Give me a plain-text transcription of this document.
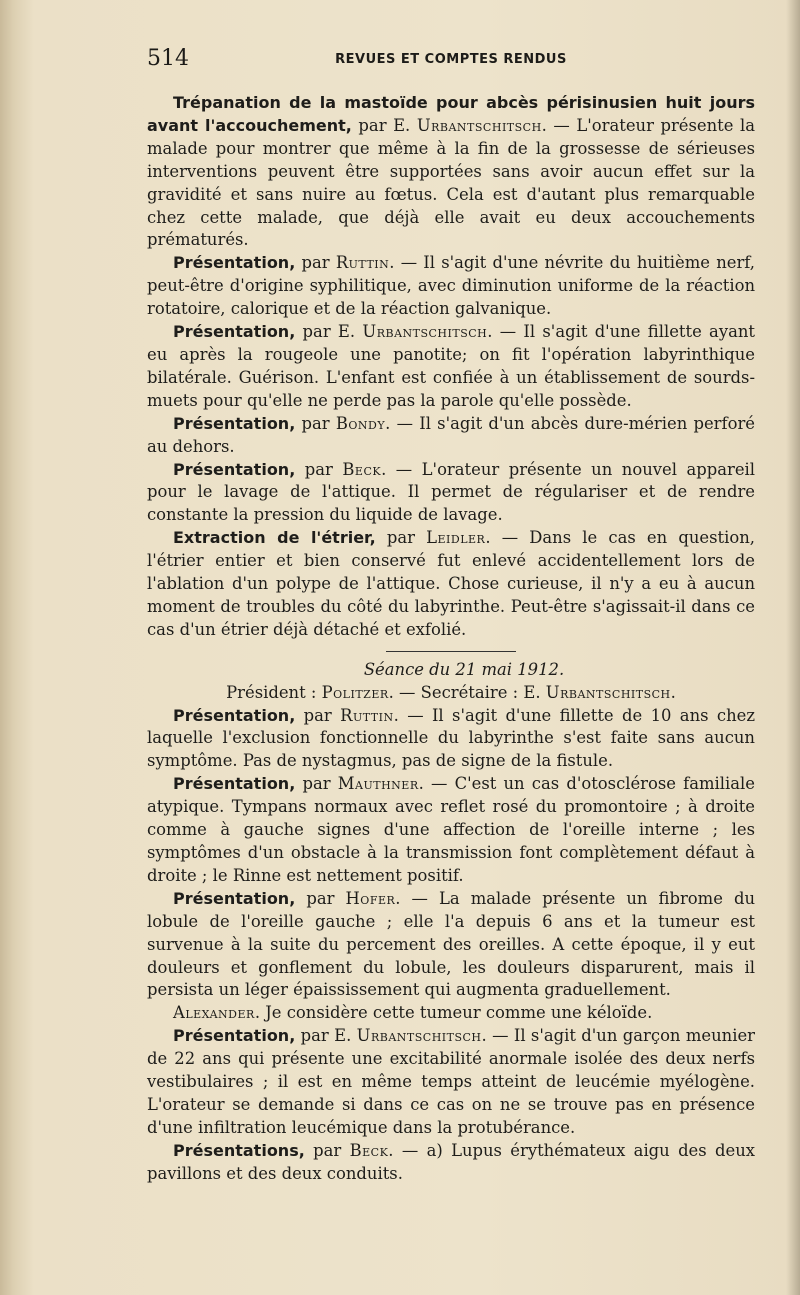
514	REVUES ET COMPTES RENDUS

Trépanation de la mastoïde pour abcès périsinusien huit jours avant l'accouchement, par E. Urbantschitsch. — L'orateur présente la malade pour montrer que même à la fin de la grossesse de sérieuses interventions peuvent être supportées sans avoir aucun effet sur la gravidité et sans nuire au fœtus. Cela est d'autant plus remarquable chez cette malade, que déjà elle avait eu deux accouchements prématurés.

Présentation, par Ruttin. — Il s'agit d'une névrite du huitième nerf, peut-être d'origine syphilitique, avec diminution uniforme de la réaction rotatoire, calorique et de la réaction galvanique.

Présentation, par E. Urbantschitsch. — Il s'agit d'une fillette ayant eu après la rougeole une panotite; on fit l'opération labyrinthique bilatérale. Guérison. L'enfant est confiée à un établissement de sourds-muets pour qu'elle ne perde pas la parole qu'elle possède.

Présentation, par Bondy. — Il s'agit d'un abcès dure-mérien perforé au dehors.

Présentation, par Beck. — L'orateur présente un nouvel appareil pour le lavage de l'attique. Il permet de régulariser et de rendre constante la pression du liquide de lavage.

Extraction de l'étrier, par Leidler. — Dans le cas en question, l'étrier entier et bien conservé fut enlevé accidentellement lors de l'ablation d'un polype de l'attique. Chose curieuse, il n'y a eu à aucun moment de troubles du côté du labyrinthe. Peut-être s'agissait-il dans ce cas d'un étrier déjà détaché et exfolié.

Séance du 21 mai 1912.

Président : Politzer. — Secrétaire : E. Urbantschitsch.

Présentation, par Ruttin. — Il s'agit d'une fillette de 10 ans chez laquelle l'exclusion fonctionnelle du labyrinthe s'est faite sans aucun symptôme. Pas de nystagmus, pas de signe de la fistule.

Présentation, par Mauthner. — C'est un cas d'otosclérose familiale atypique. Tympans normaux avec reflet rosé du promontoire ; à droite comme à gauche signes d'une affection de l'oreille interne ; les symptômes d'un obstacle à la transmission font complètement défaut à droite ; le Rinne est nettement positif.

Présentation, par Hofer. — La malade présente un fibrome du lobule de l'oreille gauche ; elle l'a depuis 6 ans et la tumeur est survenue à la suite du percement des oreilles. A cette époque, il y eut douleurs et gonflement du lobule, les douleurs disparurent, mais il persista un léger épaississement qui augmenta graduellement.

Alexander. Je considère cette tumeur comme une kéloïde.

Présentation, par E. Urbantschitsch. — Il s'agit d'un garçon meunier de 22 ans qui présente une excitabilité anormale isolée des deux nerfs vestibulaires ; il est en même temps atteint de leucémie myélogène. L'orateur se demande si dans ce cas on ne se trouve pas en présence d'une infiltration leucémique dans la protubérance.

Présentations, par Beck. — a) Lupus érythémateux aigu des deux pavillons et des deux conduits.
